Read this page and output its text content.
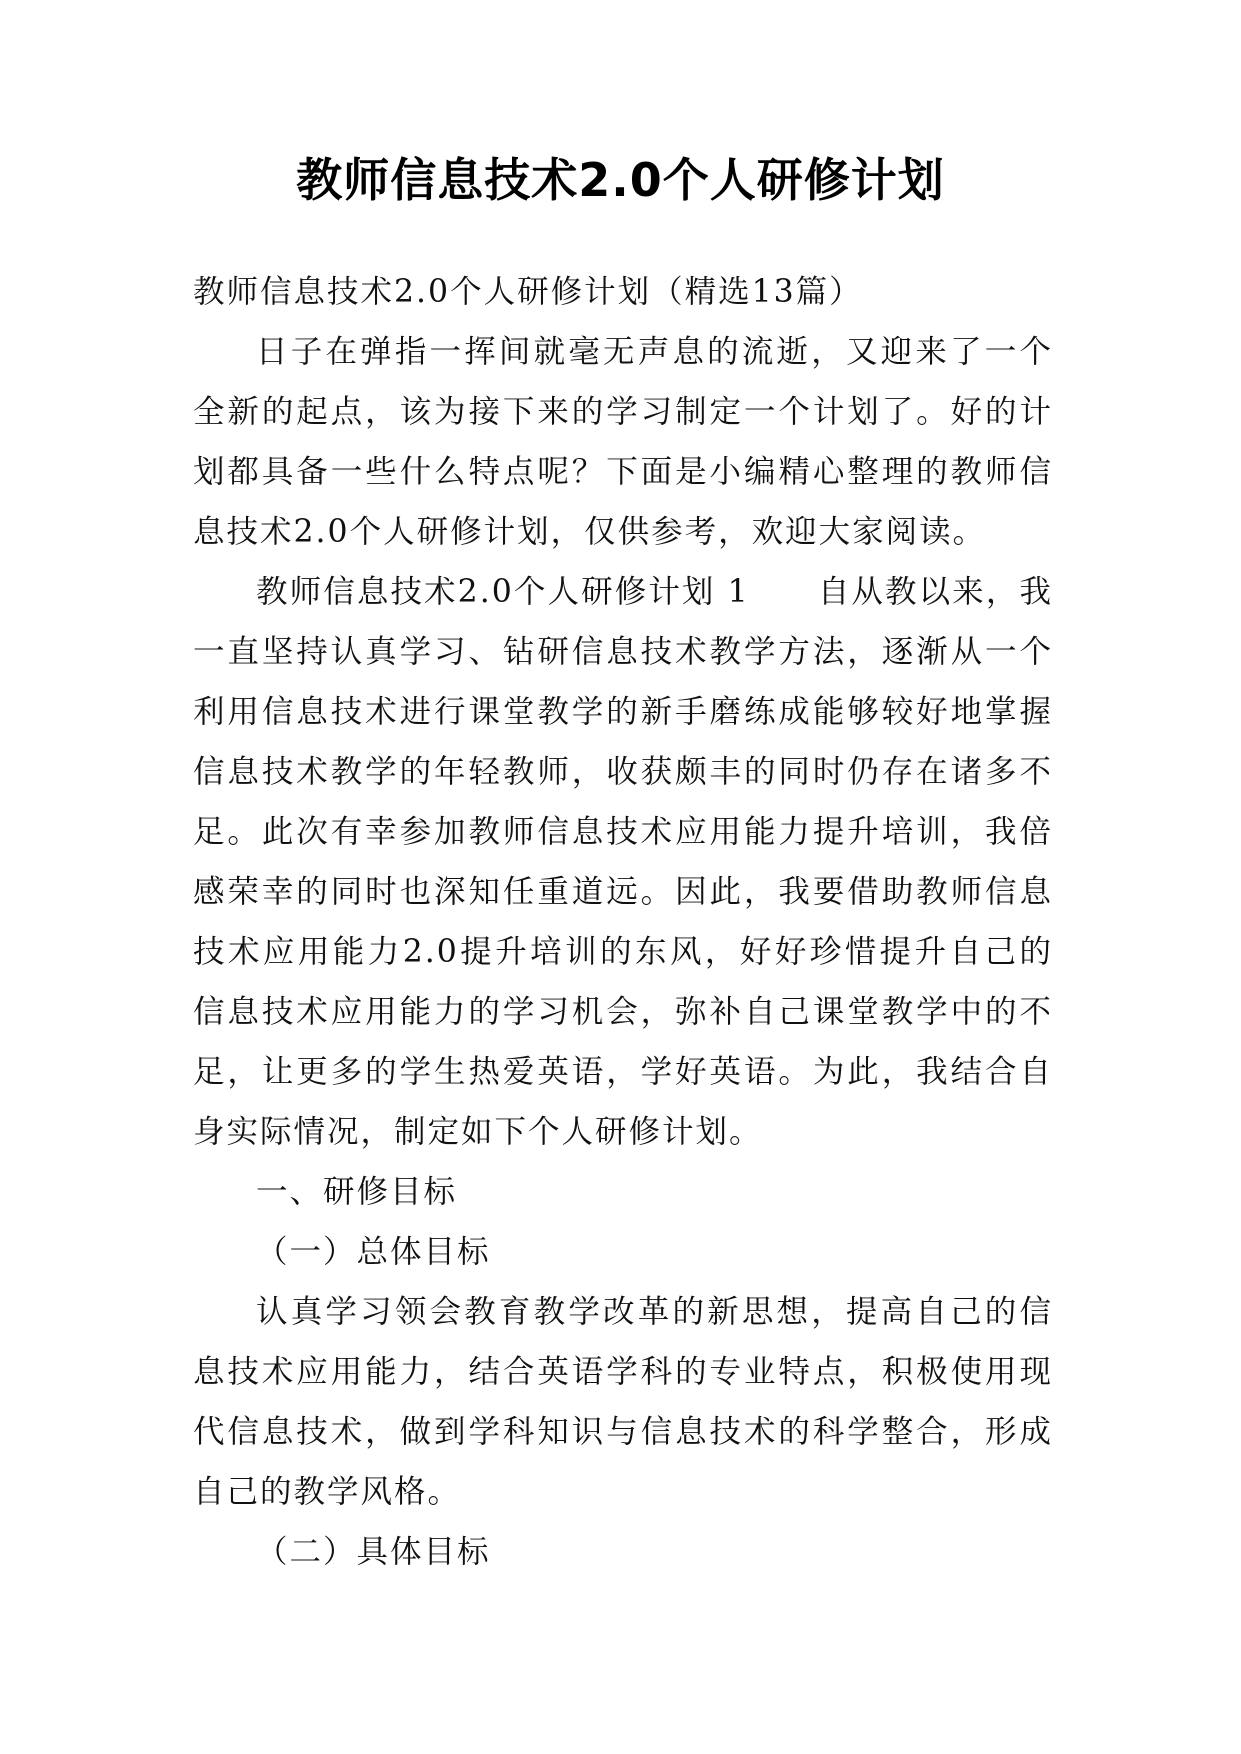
教师信息技术2.0个人研修计划

教师信息技术2.0个人研修计划（精选13篇）

日子在弹指一挥间就毫无声息的流逝，又迎来了一个全新的起点，该为接下来的学习制定一个计划了。好的计划都具备一些什么特点呢？下面是小编精心整理的教师信息技术2.0个人研修计划，仅供参考，欢迎大家阅读。

教师信息技术2.0个人研修计划 1 自从教以来，我一直坚持认真学习、钻研信息技术教学方法，逐渐从一个利用信息技术进行课堂教学的新手磨练成能够较好地掌握信息技术教学的年轻教师，收获颇丰的同时仍存在诸多不足。此次有幸参加教师信息技术应用能力提升培训，我倍感荣幸的同时也深知任重道远。因此，我要借助教师信息技术应用能力2.0提升培训的东风，好好珍惜提升自己的信息技术应用能力的学习机会，弥补自己课堂教学中的不足，让更多的学生热爱英语，学好英语。为此，我结合自身实际情况，制定如下个人研修计划。

一、研修目标

（一）总体目标

认真学习领会教育教学改革的新思想，提高自己的信息技术应用能力，结合英语学科的专业特点，积极使用现代信息技术，做到学科知识与信息技术的科学整合，形成自己的教学风格。

（二）具体目标
